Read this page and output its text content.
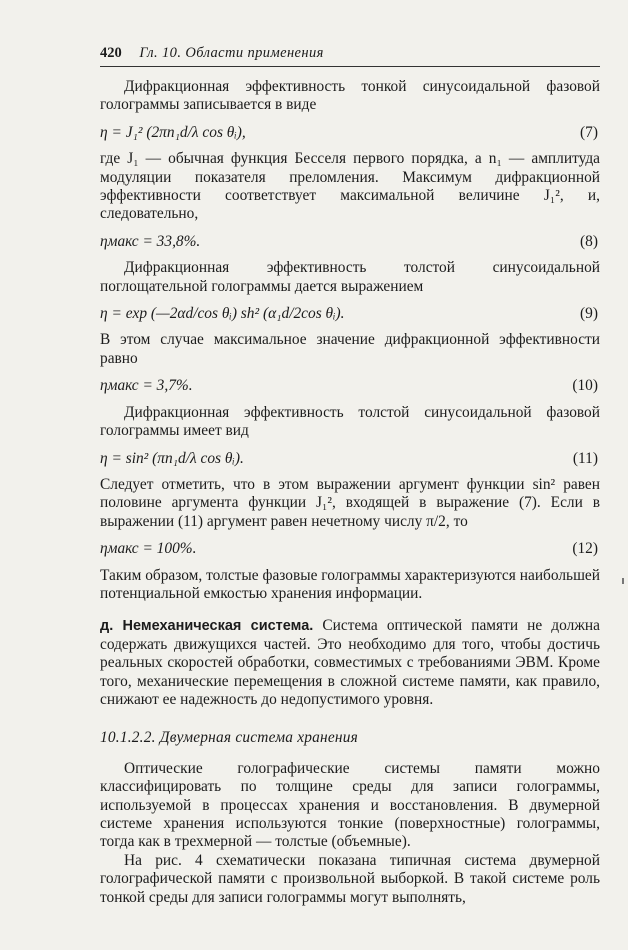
420 Гл. 10. Области применения

Дифракционная эффективность тонкой синусоидальной фазовой голограммы записывается в виде

η = J₁² (2πn₁d/λ cos θᵢ),	(7)

где J₁ — обычная функция Бесселя первого порядка, а n₁ — амплитуда модуляции показателя преломления. Максимум дифракционной эффективности соответствует максимальной величине J₁², и, следовательно,

ηмакс = 33,8%.	(8)

Дифракционная эффективность толстой синусоидальной поглощательной голограммы дается выражением

η = exp (—2αd/cos θᵢ) sh² (α₁d/2cos θᵢ).	(9)

В этом случае максимальное значение дифракционной эффективности равно

ηмакс = 3,7%.	(10)

Дифракционная эффективность толстой синусоидальной фазовой голограммы имеет вид

η = sin² (πn₁d/λ cos θᵢ).	(11)

Следует отметить, что в этом выражении аргумент функции sin² равен половине аргумента функции J₁², входящей в выражение (7). Если в выражении (11) аргумент равен нечетному числу π/2, то

ηмакс = 100%.	(12)

Таким образом, толстые фазовые голограммы характеризуются наибольшей потенциальной емкостью хранения информации.

д. Немеханическая система. Система оптической памяти не должна содержать движущихся частей. Это необходимо для того, чтобы достичь реальных скоростей обработки, совместимых с требованиями ЭВМ. Кроме того, механические перемещения в сложной системе памяти, как правило, снижают ее надежность до недопустимого уровня.

10.1.2.2. Двумерная система хранения

Оптические голографические системы памяти можно классифицировать по толщине среды для записи голограммы, используемой в процессах хранения и восстановления. В двумерной системе хранения используются тонкие (поверхностные) голограммы, тогда как в трехмерной — толстые (объемные).

На рис. 4 схематически показана типичная система двумерной голографической памяти с произвольной выборкой. В такой системе роль тонкой среды для записи голограммы могут выполнять,
